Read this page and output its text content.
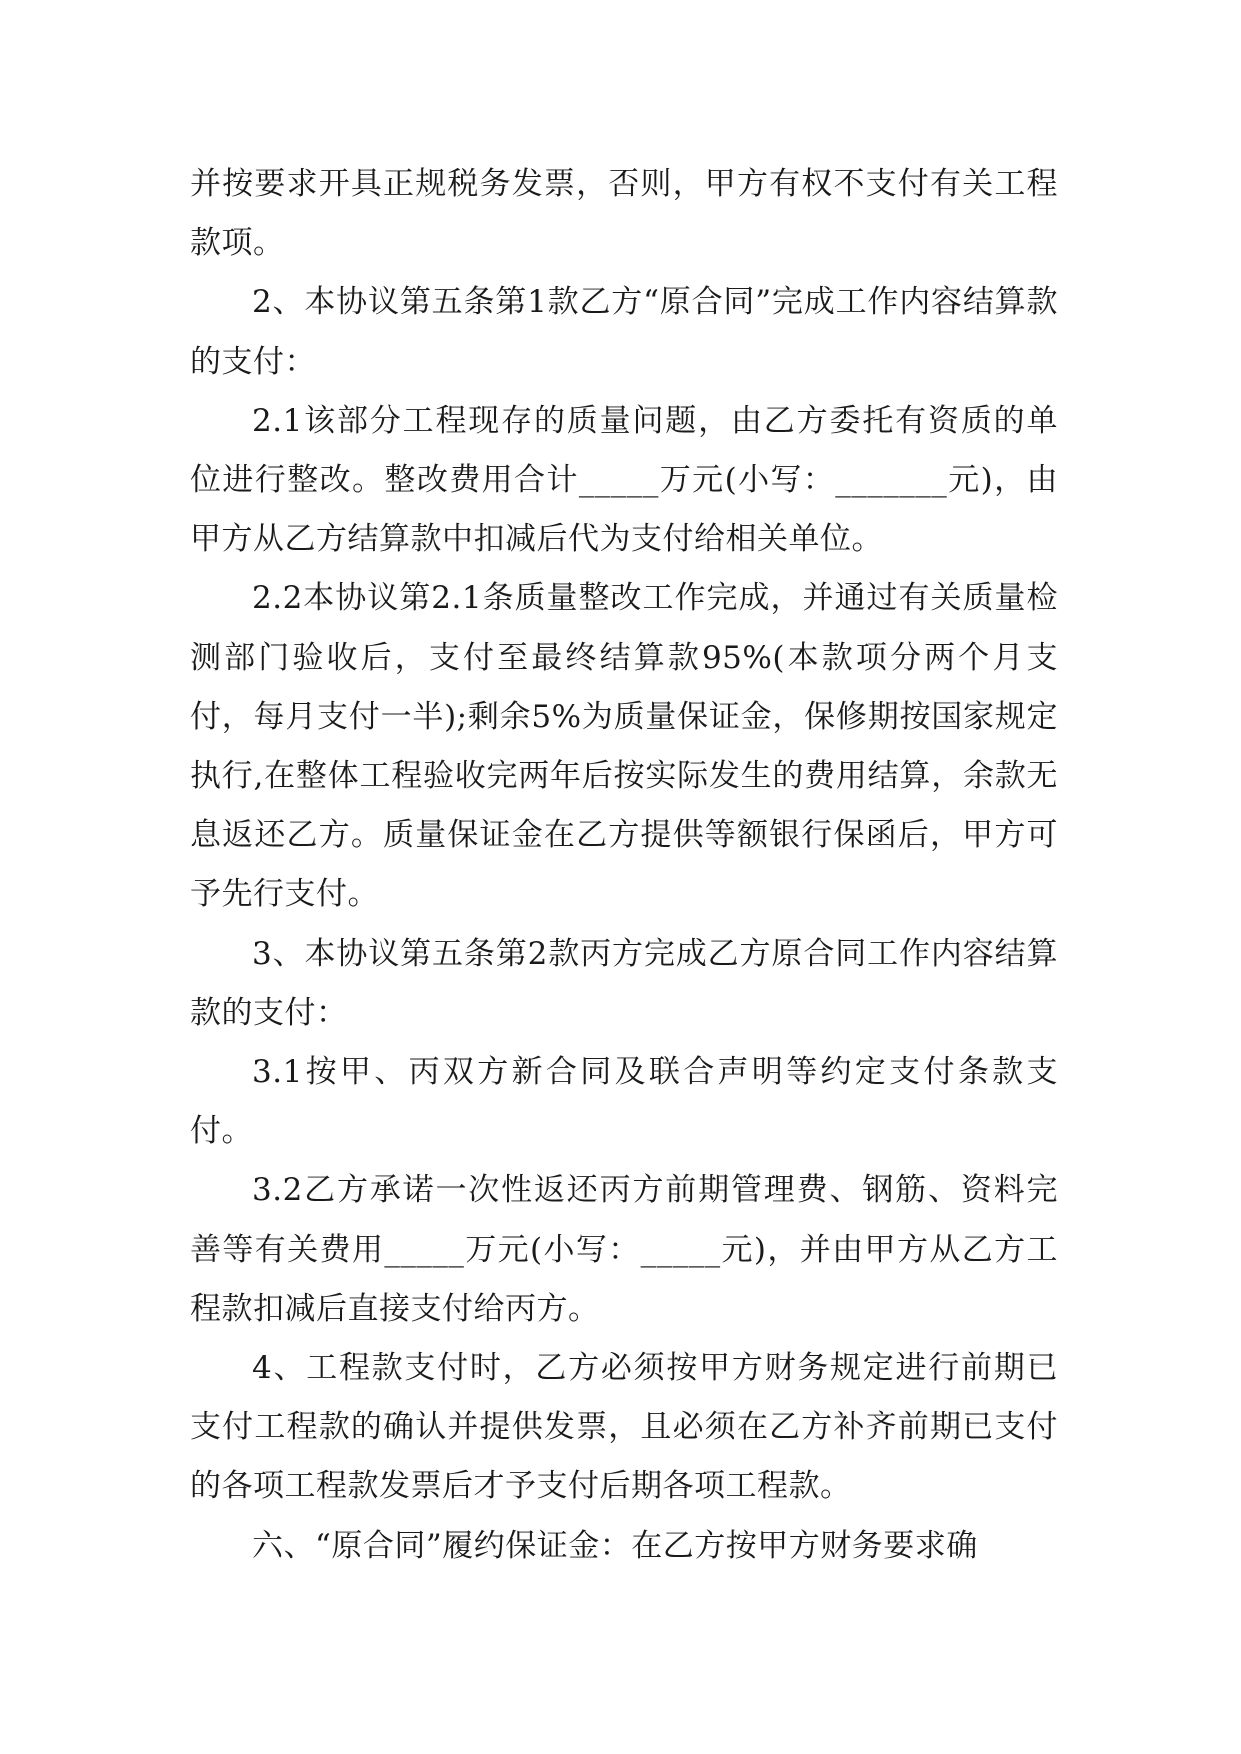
并按要求开具正规税务发票，否则，甲方有权不支付有关工程款项。

2、本协议第五条第1款乙方“原合同”完成工作内容结算款的支付：

2.1该部分工程现存的质量问题，由乙方委托有资质的单位进行整改。整改费用合计_____万元(小写：_______元)，由甲方从乙方结算款中扣减后代为支付给相关单位。

2.2本协议第2.1条质量整改工作完成，并通过有关质量检测部门验收后，支付至最终结算款95%(本款项分两个月支付，每月支付一半);剩余5%为质量保证金，保修期按国家规定执行,在整体工程验收完两年后按实际发生的费用结算，余款无息返还乙方。质量保证金在乙方提供等额银行保函后，甲方可予先行支付。

3、本协议第五条第2款丙方完成乙方原合同工作内容结算款的支付：

3.1按甲、丙双方新合同及联合声明等约定支付条款支付。

3.2乙方承诺一次性返还丙方前期管理费、钢筋、资料完善等有关费用_____万元(小写：_____元)，并由甲方从乙方工程款扣减后直接支付给丙方。

4、工程款支付时，乙方必须按甲方财务规定进行前期已支付工程款的确认并提供发票，且必须在乙方补齐前期已支付的各项工程款发票后才予支付后期各项工程款。

六、“原合同”履约保证金：在乙方按甲方财务要求确
